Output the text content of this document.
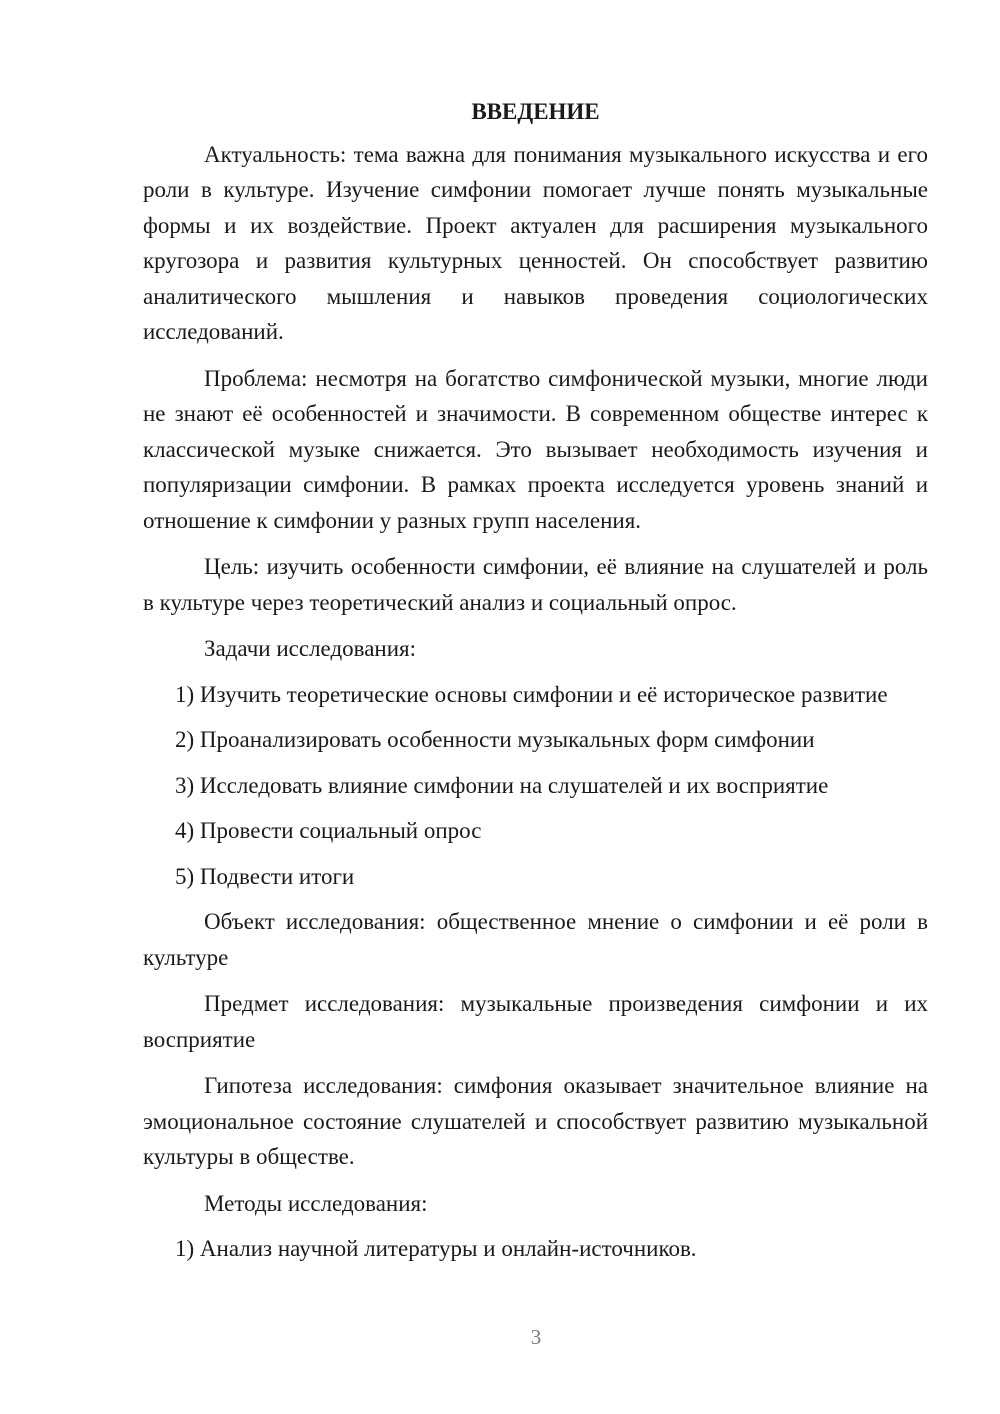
ВВЕДЕНИЕ

Актуальность: тема важна для понимания музыкального искусства и его роли в культуре. Изучение симфонии помогает лучше понять музыкальные формы и их воздействие. Проект актуален для расширения музыкального кругозора и развития культурных ценностей. Он способствует развитию аналитического мышления и навыков проведения социологических исследований.

Проблема: несмотря на богатство симфонической музыки, многие люди не знают её особенностей и значимости. В современном обществе интерес к классической музыке снижается. Это вызывает необходимость изучения и популяризации симфонии. В рамках проекта исследуется уровень знаний и отношение к симфонии у разных групп населения.

Цель: изучить особенности симфонии, её влияние на слушателей и роль в культуре через теоретический анализ и социальный опрос.

Задачи исследования:

1) Изучить теоретические основы симфонии и её историческое развитие

2) Проанализировать особенности музыкальных форм симфонии

3) Исследовать влияние симфонии на слушателей и их восприятие

4) Провести социальный опрос

5) Подвести итоги

Объект исследования: общественное мнение о симфонии и её роли в культуре

Предмет исследования: музыкальные произведения симфонии и их восприятие

Гипотеза исследования: симфония оказывает значительное влияние на эмоциональное состояние слушателей и способствует развитию музыкальной культуры в обществе.

Методы исследования:

1) Анализ научной литературы и онлайн-источников.

3
